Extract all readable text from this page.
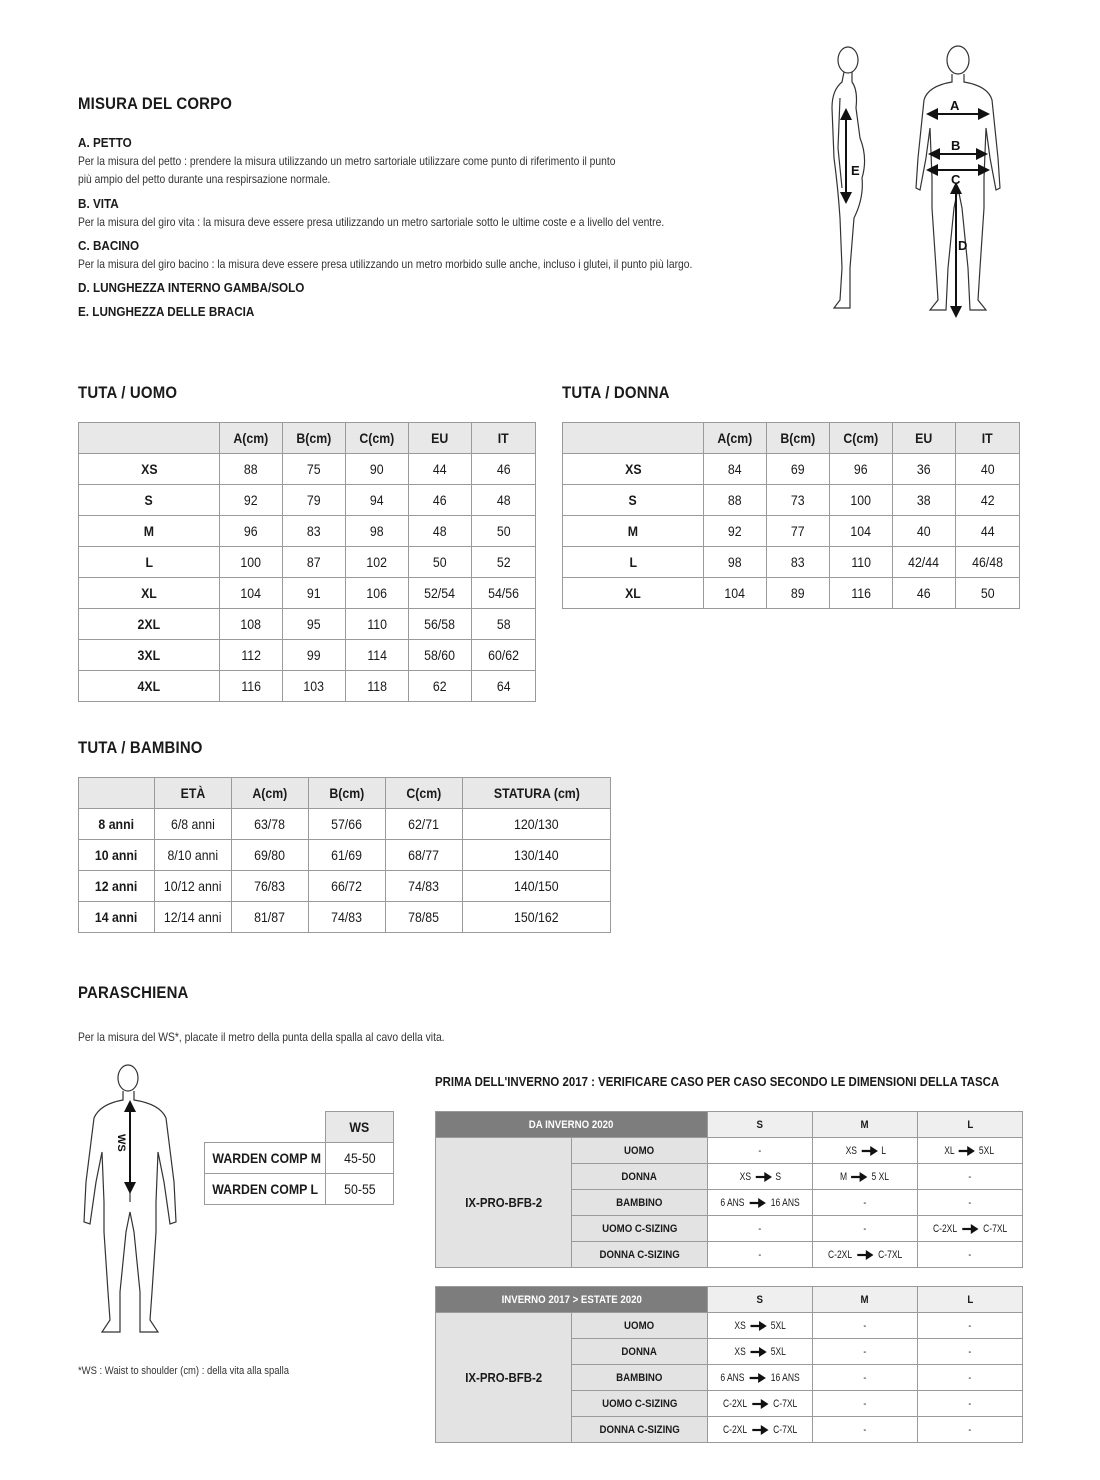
MISURA DEL CORPO
A. PETTO
Per la misura del petto : prendere la misura utilizzando un metro sartoriale utilizzare come punto di riferimento il punto
più ampio del petto durante una respirsazione normale.
B. VITA
Per la misura del giro vita : la misura deve essere presa utilizzando un metro sartoriale sotto le ultime coste e a livello del ventre.
C. BACINO
Per la misura del giro bacino : la misura deve essere presa utilizzando un metro morbido sulle anche, incluso i glutei, il punto più largo.
D. LUNGHEZZA INTERNO GAMBA/SOLO
E. LUNGHEZZA DELLE BRACIA
A
B
C
D
E
TUTA / UOMO
	A(cm)	B(cm)	C(cm)	EU	IT
XS	88	75	90	44	46
S	92	79	94	46	48
M	96	83	98	48	50
L	100	87	102	50	52
XL	104	91	106	52/54	54/56
2XL	108	95	110	56/58	58
3XL	112	99	114	58/60	60/62
4XL	116	103	118	62	64
TUTA / DONNA
	A(cm)	B(cm)	C(cm)	EU	IT
XS	84	69	96	36	40
S	88	73	100	38	42
M	92	77	104	40	44
L	98	83	110	42/44	46/48
XL	104	89	116	46	50
TUTA / BAMBINO
	ETÀ	A(cm)	B(cm)	C(cm)	STATURA (cm)
8 anni	6/8 anni	63/78	57/66	62/71	120/130
10 anni	8/10 anni	69/80	61/69	68/77	130/140
12 anni	10/12 anni	76/83	66/72	74/83	140/150
14 anni	12/14 anni	81/87	74/83	78/85	150/162
PARASCHIENA
Per la misura del WS*, placate il metro della punta della spalla al cavo della vita.
WS
*WS : Waist to shoulder (cm) : della vita alla spalla
	WS
WARDEN COMP M	45-50
WARDEN COMP L	50-55
PRIMA DELL'INVERNO 2017 : VERIFICARE CASO PER CASO SECONDO LE DIMENSIONI DELLA TASCA
DA INVERNO 2020		S	M	L
IX-PRO-BFB-2	UOMO	-	XS L	XL 5XL
	DONNA	XS S	M 5 XL	-
	BAMBINO	6 ANS 16 ANS	-	-
	UOMO C-SIZING	-	-	C-2XL C-7XL
	DONNA C-SIZING	-	C-2XL C-7XL	-
INVERNO 2017 > ESTATE 2020		S	M	L
IX-PRO-BFB-2	UOMO	XS 5XL	-	-
	DONNA	XS 5XL	-	-
	BAMBINO	6 ANS 16 ANS	-	-
	UOMO C-SIZING	C-2XL C-7XL	-	-
	DONNA C-SIZING	C-2XL C-7XL	-	-
